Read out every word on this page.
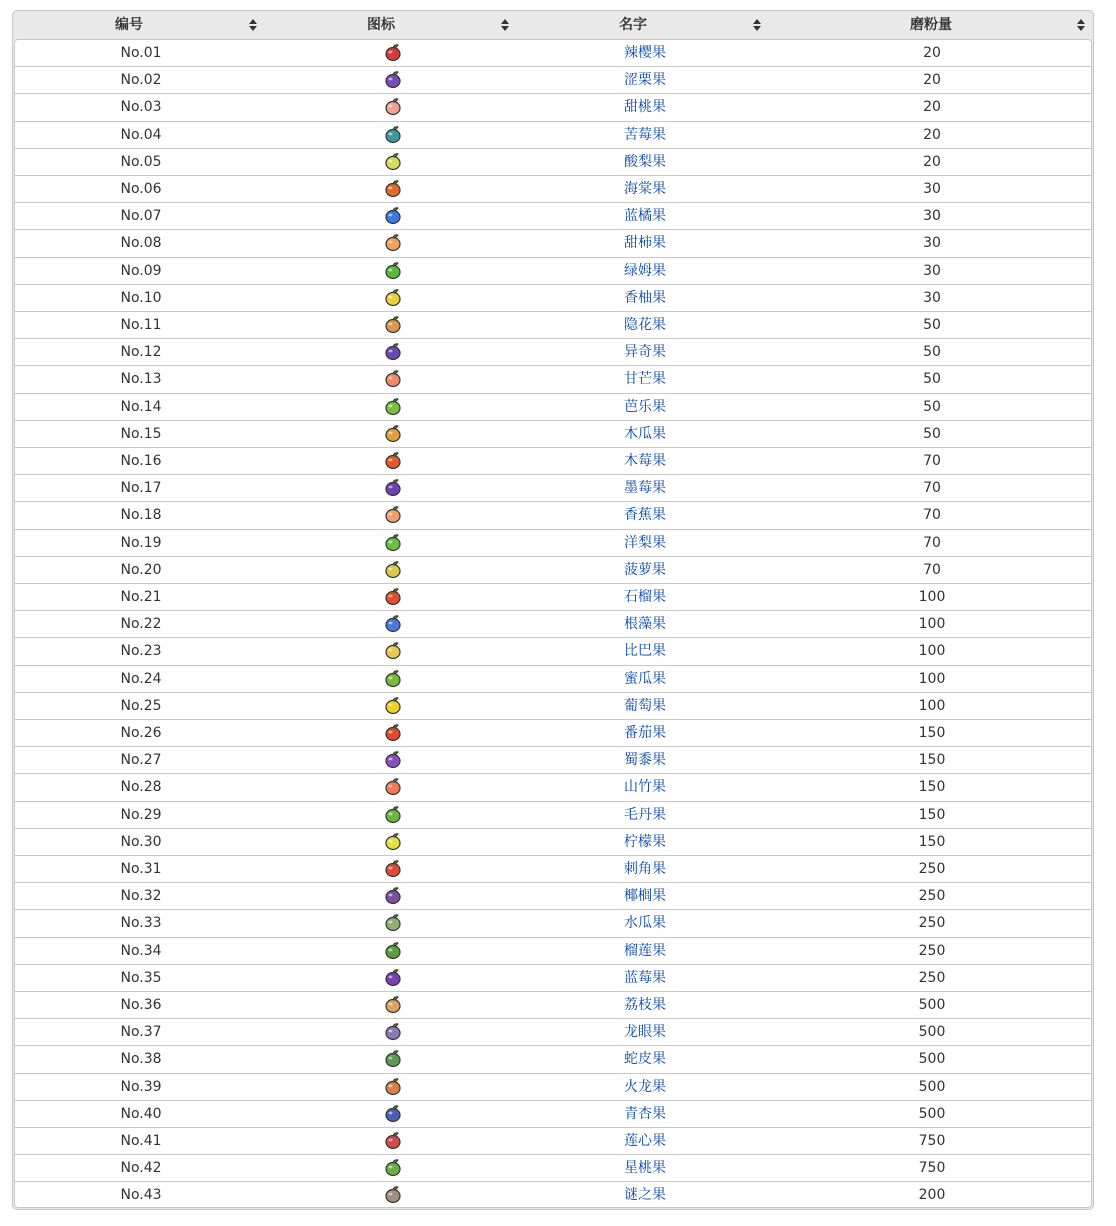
编号	图标	名字	磨粉量
No.01	辣樱果	20
No.02	涩栗果	20
No.03	甜桃果	20
No.04	苦莓果	20
No.05	酸梨果	20
No.06	海棠果	30
No.07	蓝橘果	30
No.08	甜柿果	30
No.09	绿姆果	30
No.10	香柚果	30
No.11	隐花果	50
No.12	异奇果	50
No.13	甘芒果	50
No.14	芭乐果	50
No.15	木瓜果	50
No.16	木莓果	70
No.17	墨莓果	70
No.18	香蕉果	70
No.19	洋梨果	70
No.20	菠萝果	70
No.21	石榴果	100
No.22	根藻果	100
No.23	比巴果	100
No.24	蜜瓜果	100
No.25	葡萄果	100
No.26	番茄果	150
No.27	蜀黍果	150
No.28	山竹果	150
No.29	毛丹果	150
No.30	柠檬果	150
No.31	刺角果	250
No.32	椰榈果	250
No.33	水瓜果	250
No.34	榴莲果	250
No.35	蓝莓果	250
No.36	荔枝果	500
No.37	龙眼果	500
No.38	蛇皮果	500
No.39	火龙果	500
No.40	青杏果	500
No.41	莲心果	750
No.42	星桃果	750
No.43	谜之果	200
